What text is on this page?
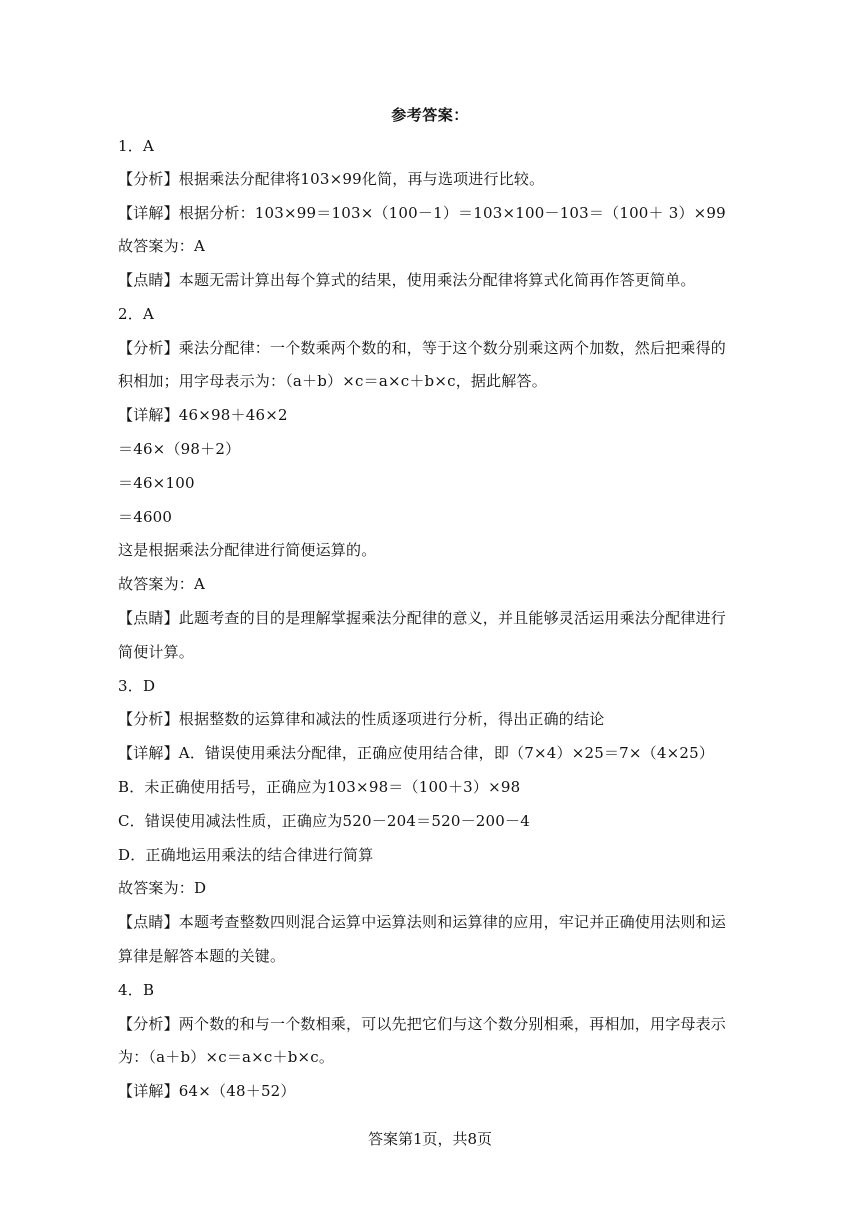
参考答案：
1．A
【分析】根据乘法分配律将103×99化简，再与选项进行比较。
【详解】根据分析：103×99＝103×（100－1）＝103×100－103＝（100＋ 3）×99
故答案为：A
【点睛】本题无需计算出每个算式的结果，使用乘法分配律将算式化简再作答更简单。
2．A
【分析】乘法分配律：一个数乘两个数的和，等于这个数分别乘这两个加数，然后把乘得的
积相加；用字母表示为：（a＋b）×c＝a×c＋b×c，据此解答。
【详解】46×98＋46×2
＝46×（98＋2）
＝46×100
＝4600
这是根据乘法分配律进行简便运算的。
故答案为：A
【点睛】此题考查的目的是理解掌握乘法分配律的意义，并且能够灵活运用乘法分配律进行
简便计算。
3．D
【分析】根据整数的运算律和减法的性质逐项进行分析，得出正确的结论
【详解】A．错误使用乘法分配律，正确应使用结合律，即（7×4）×25＝7×（4×25）
B．未正确使用括号，正确应为103×98＝（100＋3）×98
C．错误使用减法性质，正确应为520－204＝520－200－4
D．正确地运用乘法的结合律进行简算
故答案为：D
【点睛】本题考查整数四则混合运算中运算法则和运算律的应用，牢记并正确使用法则和运
算律是解答本题的关键。
4．B
【分析】两个数的和与一个数相乘，可以先把它们与这个数分别相乘，再相加，用字母表示
为：（a＋b）×c＝a×c＋b×c。
【详解】64×（48＋52）
答案第1页，共8页
